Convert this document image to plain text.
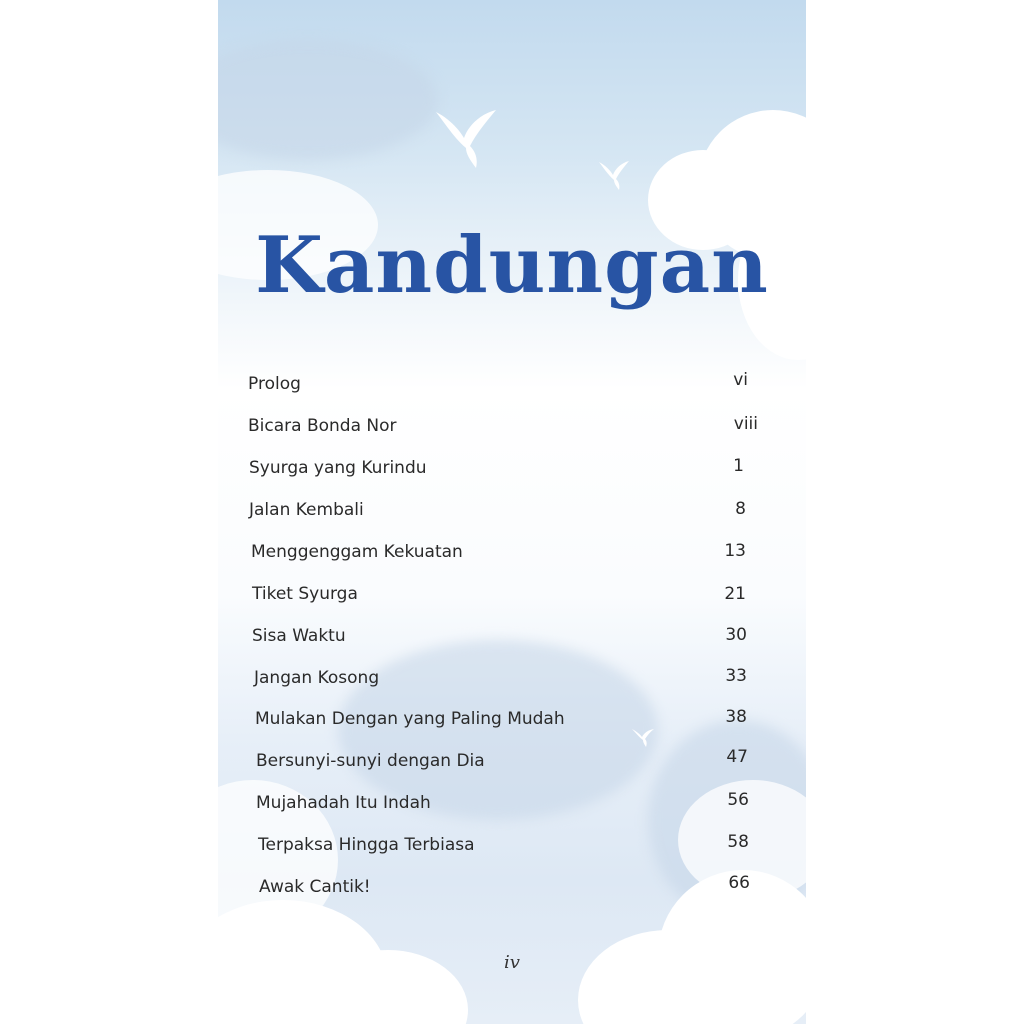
Kandungan
Prolog	vi
Bicara Bonda Nor	viii
Syurga yang Kurindu	1
Jalan Kembali	8
Menggenggam Kekuatan	13
Tiket Syurga	21
Sisa Waktu	30
Jangan Kosong	33
Mulakan Dengan yang Paling Mudah	38
Bersunyi-sunyi dengan Dia	47
Mujahadah Itu Indah	56
Terpaksa Hingga Terbiasa	58
Awak Cantik!	66
iv
